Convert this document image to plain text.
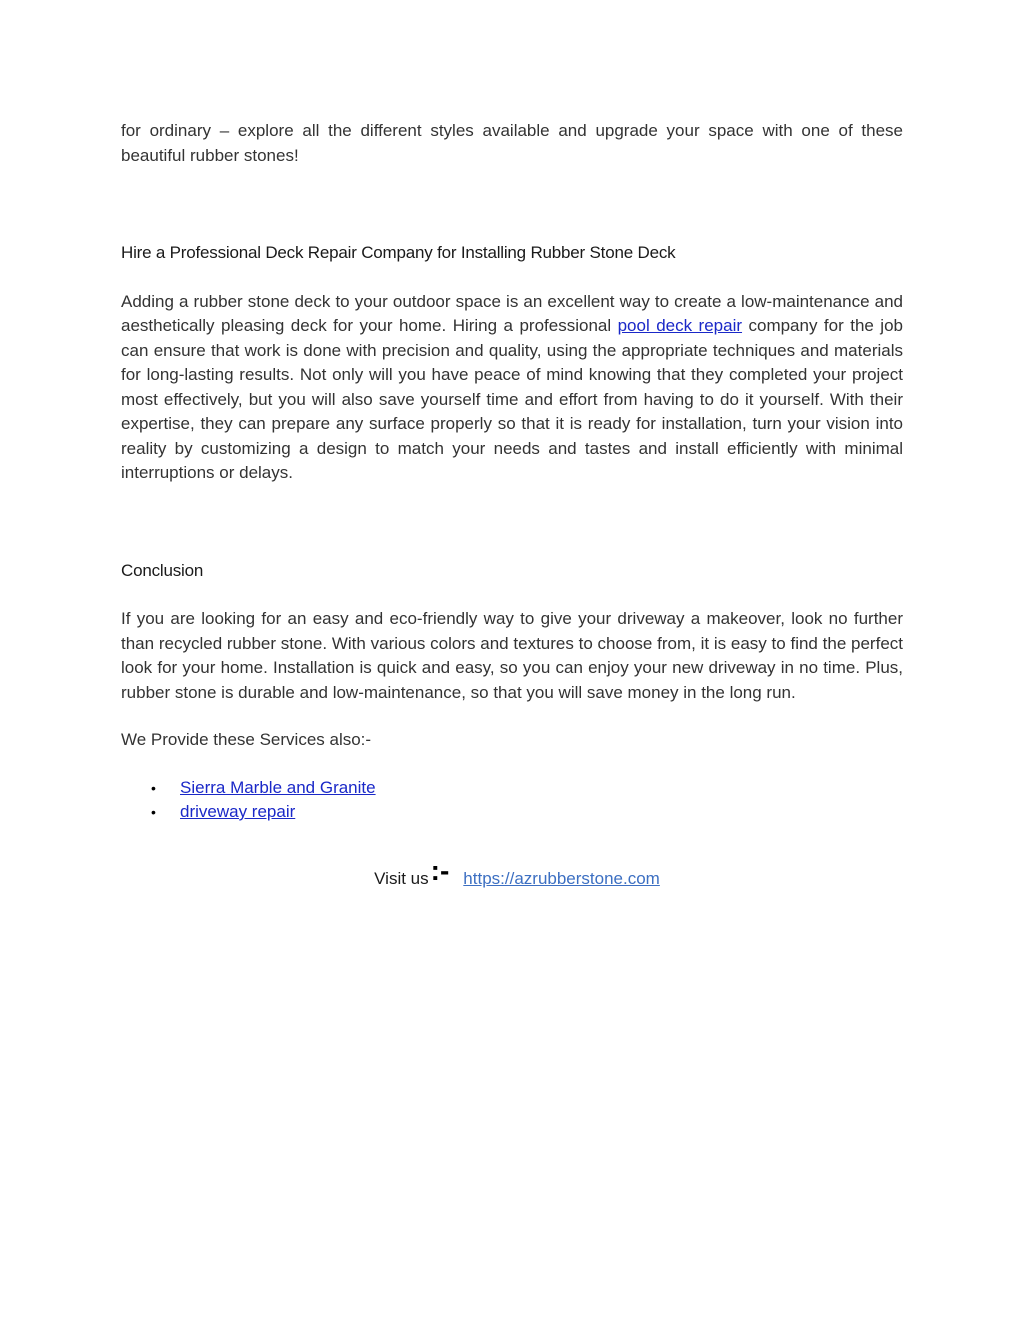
for ordinary – explore all the different styles available and upgrade your space with one of these beautiful rubber stones!

Hire a Professional Deck Repair Company for Installing Rubber Stone Deck

Adding a rubber stone deck to your outdoor space is an excellent way to create a low-maintenance and aesthetically pleasing deck for your home. Hiring a professional pool deck repair company for the job can ensure that work is done with precision and quality, using the appropriate techniques and materials for long-lasting results. Not only will you have peace of mind knowing that they completed your project most effectively, but you will also save yourself time and effort from having to do it yourself. With their expertise, they can prepare any surface properly so that it is ready for installation, turn your vision into reality by customizing a design to match your needs and tastes and install efficiently with minimal interruptions or delays.

Conclusion

If you are looking for an easy and eco-friendly way to give your driveway a makeover, look no further than recycled rubber stone. With various colors and textures to choose from, it is easy to find the perfect look for your home. Installation is quick and easy, so you can enjoy your new driveway in no time. Plus, rubber stone is durable and low-maintenance, so that you will save money in the long run.

We Provide these Services also:-

• Sierra Marble and Granite
• driveway repair
Visit us:- https://azrubberstone.com
